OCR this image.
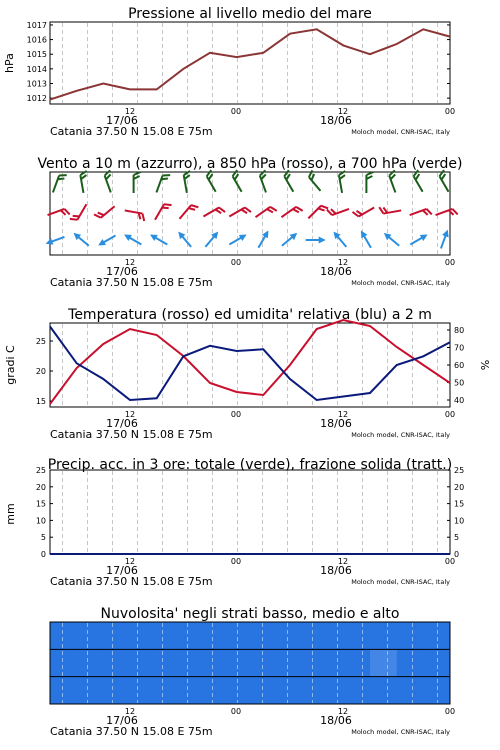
Pressione al livello medio del mare
1012
1013
1014
1015
1016
1017
hPa
12	00	12	00
17/06	18/06
Catania 37.50 N 15.08 E 75m	Moloch model, CNR-ISAC, Italy
Vento a 10 m (azzurro), a 850 hPa (rosso), a 700 hPa (verde)
12	00	12	00
17/06	18/06
Catania 37.50 N 15.08 E 75m	Moloch model, CNR-ISAC, Italy
Temperatura (rosso) ed umidita' relativa (blu) a 2 m
15
20
25
40
50
60
70
80
gradi C	%
12	00	12	00
17/06	18/06
Catania 37.50 N 15.08 E 75m	Moloch model, CNR-ISAC, Italy
Precip. acc. in 3 ore: totale (verde), frazione solida (tratt.)
0	0
5	5
10	10
15	15
20	20
25	25
mm
12	00	12	00
17/06	18/06
Catania 37.50 N 15.08 E 75m	Moloch model, CNR-ISAC, Italy
Nuvolosita' negli strati basso, medio e alto
12	00	12	00
17/06	18/06
Catania 37.50 N 15.08 E 75m	Moloch model, CNR-ISAC, Italy
